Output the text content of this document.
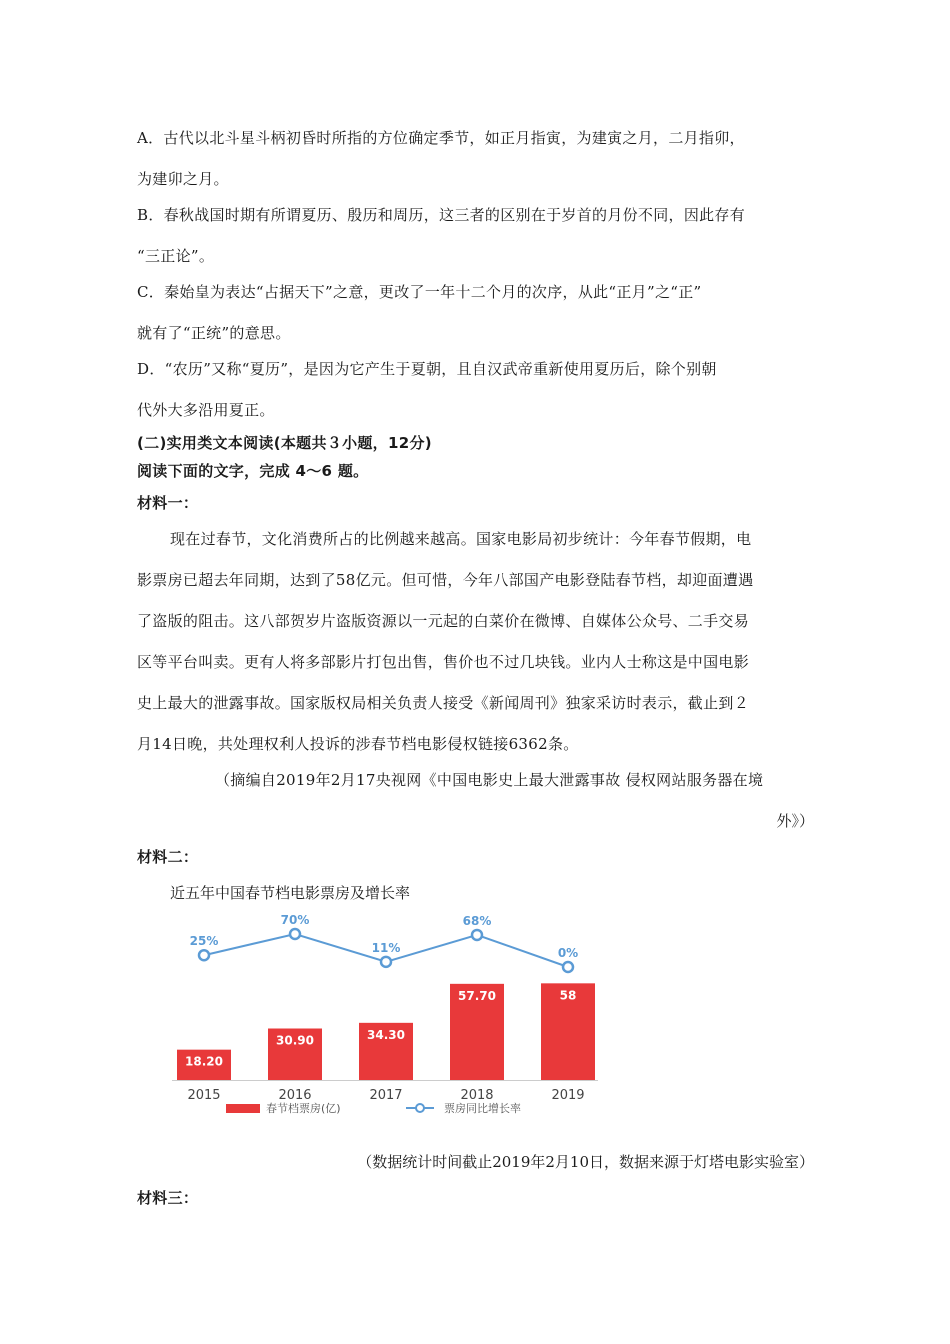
A．古代以北斗星斗柄初昏时所指的方位确定季节，如正月指寅，为建寅之月，二月指卯，
为建卯之月。
B．春秋战国时期有所谓夏历、殷历和周历，这三者的区别在于岁首的月份不同，因此存有
“三正论”。
C．秦始皇为表达“占据天下”之意，更改了一年十二个月的次序，从此“正月”之“正”
就有了“正统”的意思。
D．“农历”又称“夏历”，是因为它产生于夏朝，且自汉武帝重新使用夏历后，除个别朝
代外大多沿用夏正。
(二)实用类文本阅读(本题共３小题，12分)
阅读下面的文字，完成 4～6 题。
材料一：
现在过春节，文化消费所占的比例越来越高。国家电影局初步统计：今年春节假期，电
影票房已超去年同期，达到了58亿元。但可惜，今年八部国产电影登陆春节档，却迎面遭遇
了盗版的阻击。这八部贺岁片盗版资源以一元起的白菜价在微博、自媒体公众号、二手交易
区等平台叫卖。更有人将多部影片打包出售，售价也不过几块钱。业内人士称这是中国电影
史上最大的泄露事故。国家版权局相关负责人接受《新闻周刊》独家采访时表示，截止到２
月14日晚，共处理权利人投诉的涉春节档电影侵权链接6362条。
（摘编自2019年2月17央视网《中国电影史上最大泄露事故 侵权网站服务器在境
外》）
材料二：
近五年中国春节档电影票房及增长率
25%
70%
11%
68%
0%
18.20
30.90	34.30
57.70	58
2015	2016	2017	2018	2019
春节档票房(亿)	票房同比增长率
（数据统计时间截止2019年2月10日，数据来源于灯塔电影实验室）
材料三：
